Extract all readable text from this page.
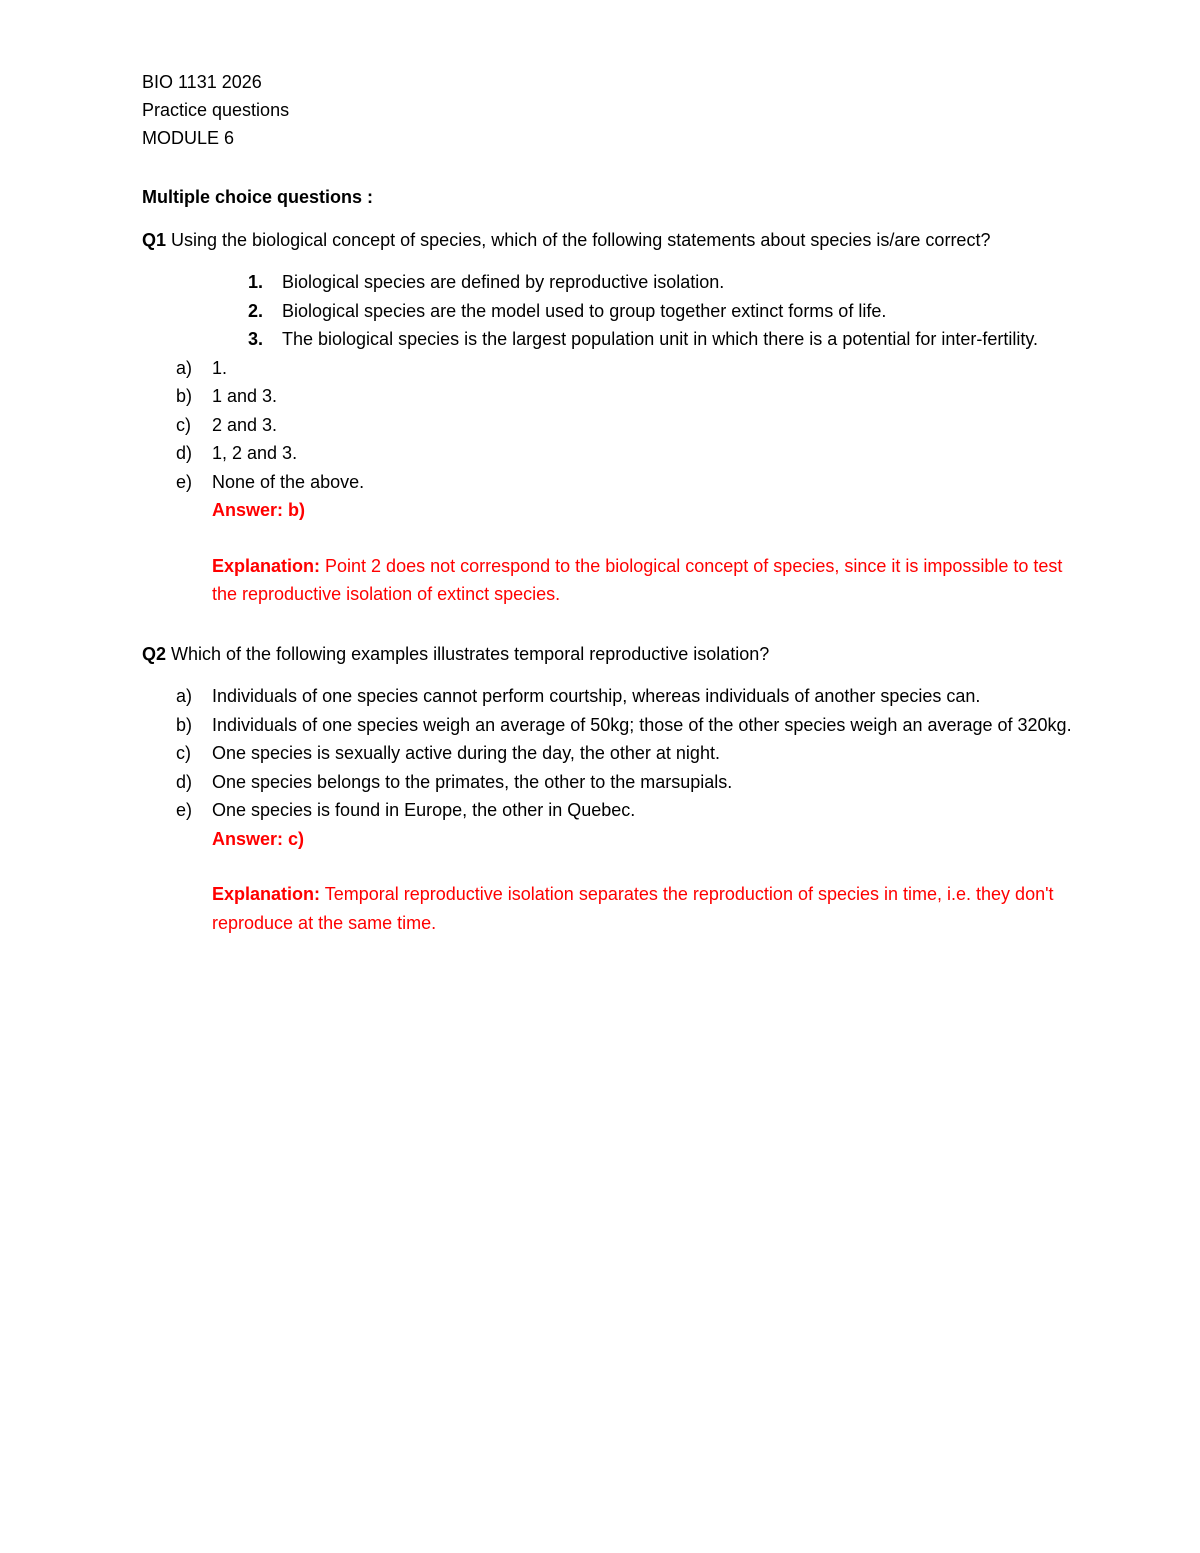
BIO 1131 2026
Practice questions
MODULE 6
Multiple choice questions :
Q1 Using the biological concept of species, which of the following statements about species is/are correct?
1.	Biological species are defined by reproductive isolation.
2.	Biological species are the model used to group together extinct forms of life.
3.	The biological species is the largest population unit in which there is a potential for inter-fertility.
a)	1.
b)	1 and 3.
c)	2 and 3.
d)	1, 2 and 3.
e)	None of the above.
Answer: b)
Explanation: Point 2 does not correspond to the biological concept of species, since it is impossible to test the reproductive isolation of extinct species.
Q2 Which of the following examples illustrates temporal reproductive isolation?
a)	Individuals of one species cannot perform courtship, whereas individuals of another species can.
b)	Individuals of one species weigh an average of 50kg; those of the other species weigh an average of 320kg.
c)	One species is sexually active during the day, the other at night.
d)	One species belongs to the primates, the other to the marsupials.
e)	One species is found in Europe, the other in Quebec.
Answer: c)
Explanation: Temporal reproductive isolation separates the reproduction of species in time, i.e. they don't reproduce at the same time.
